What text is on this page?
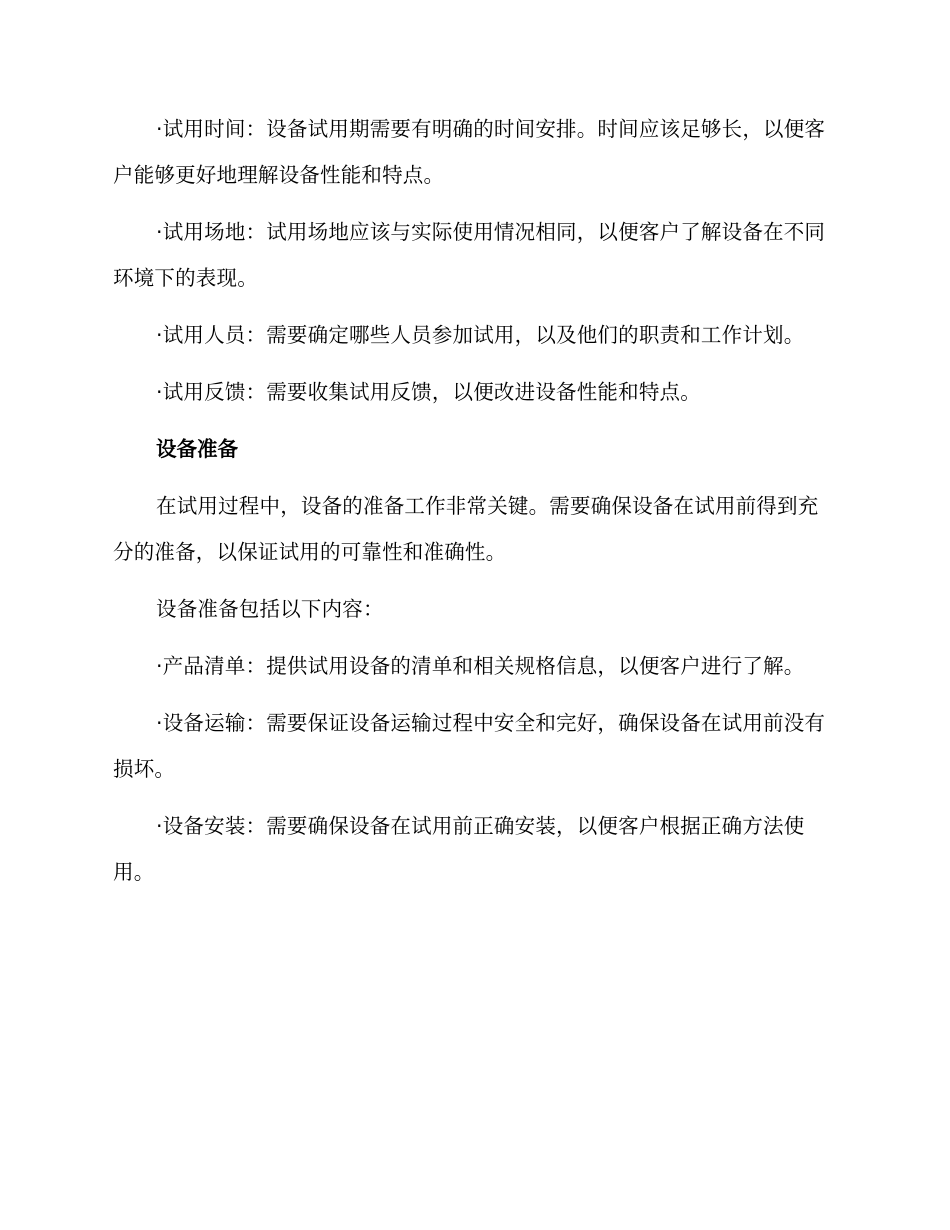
·试用时间：设备试用期需要有明确的时间安排。时间应该足够长，以便客户能够更好地理解设备性能和特点。

·试用场地：试用场地应该与实际使用情况相同，以便客户了解设备在不同环境下的表现。

·试用人员：需要确定哪些人员参加试用，以及他们的职责和工作计划。

·试用反馈：需要收集试用反馈，以便改进设备性能和特点。

设备准备

在试用过程中，设备的准备工作非常关键。需要确保设备在试用前得到充分的准备，以保证试用的可靠性和准确性。

设备准备包括以下内容：

·产品清单：提供试用设备的清单和相关规格信息，以便客户进行了解。

·设备运输：需要保证设备运输过程中安全和完好，确保设备在试用前没有损坏。

·设备安装：需要确保设备在试用前正确安装，以便客户根据正确方法使用。
